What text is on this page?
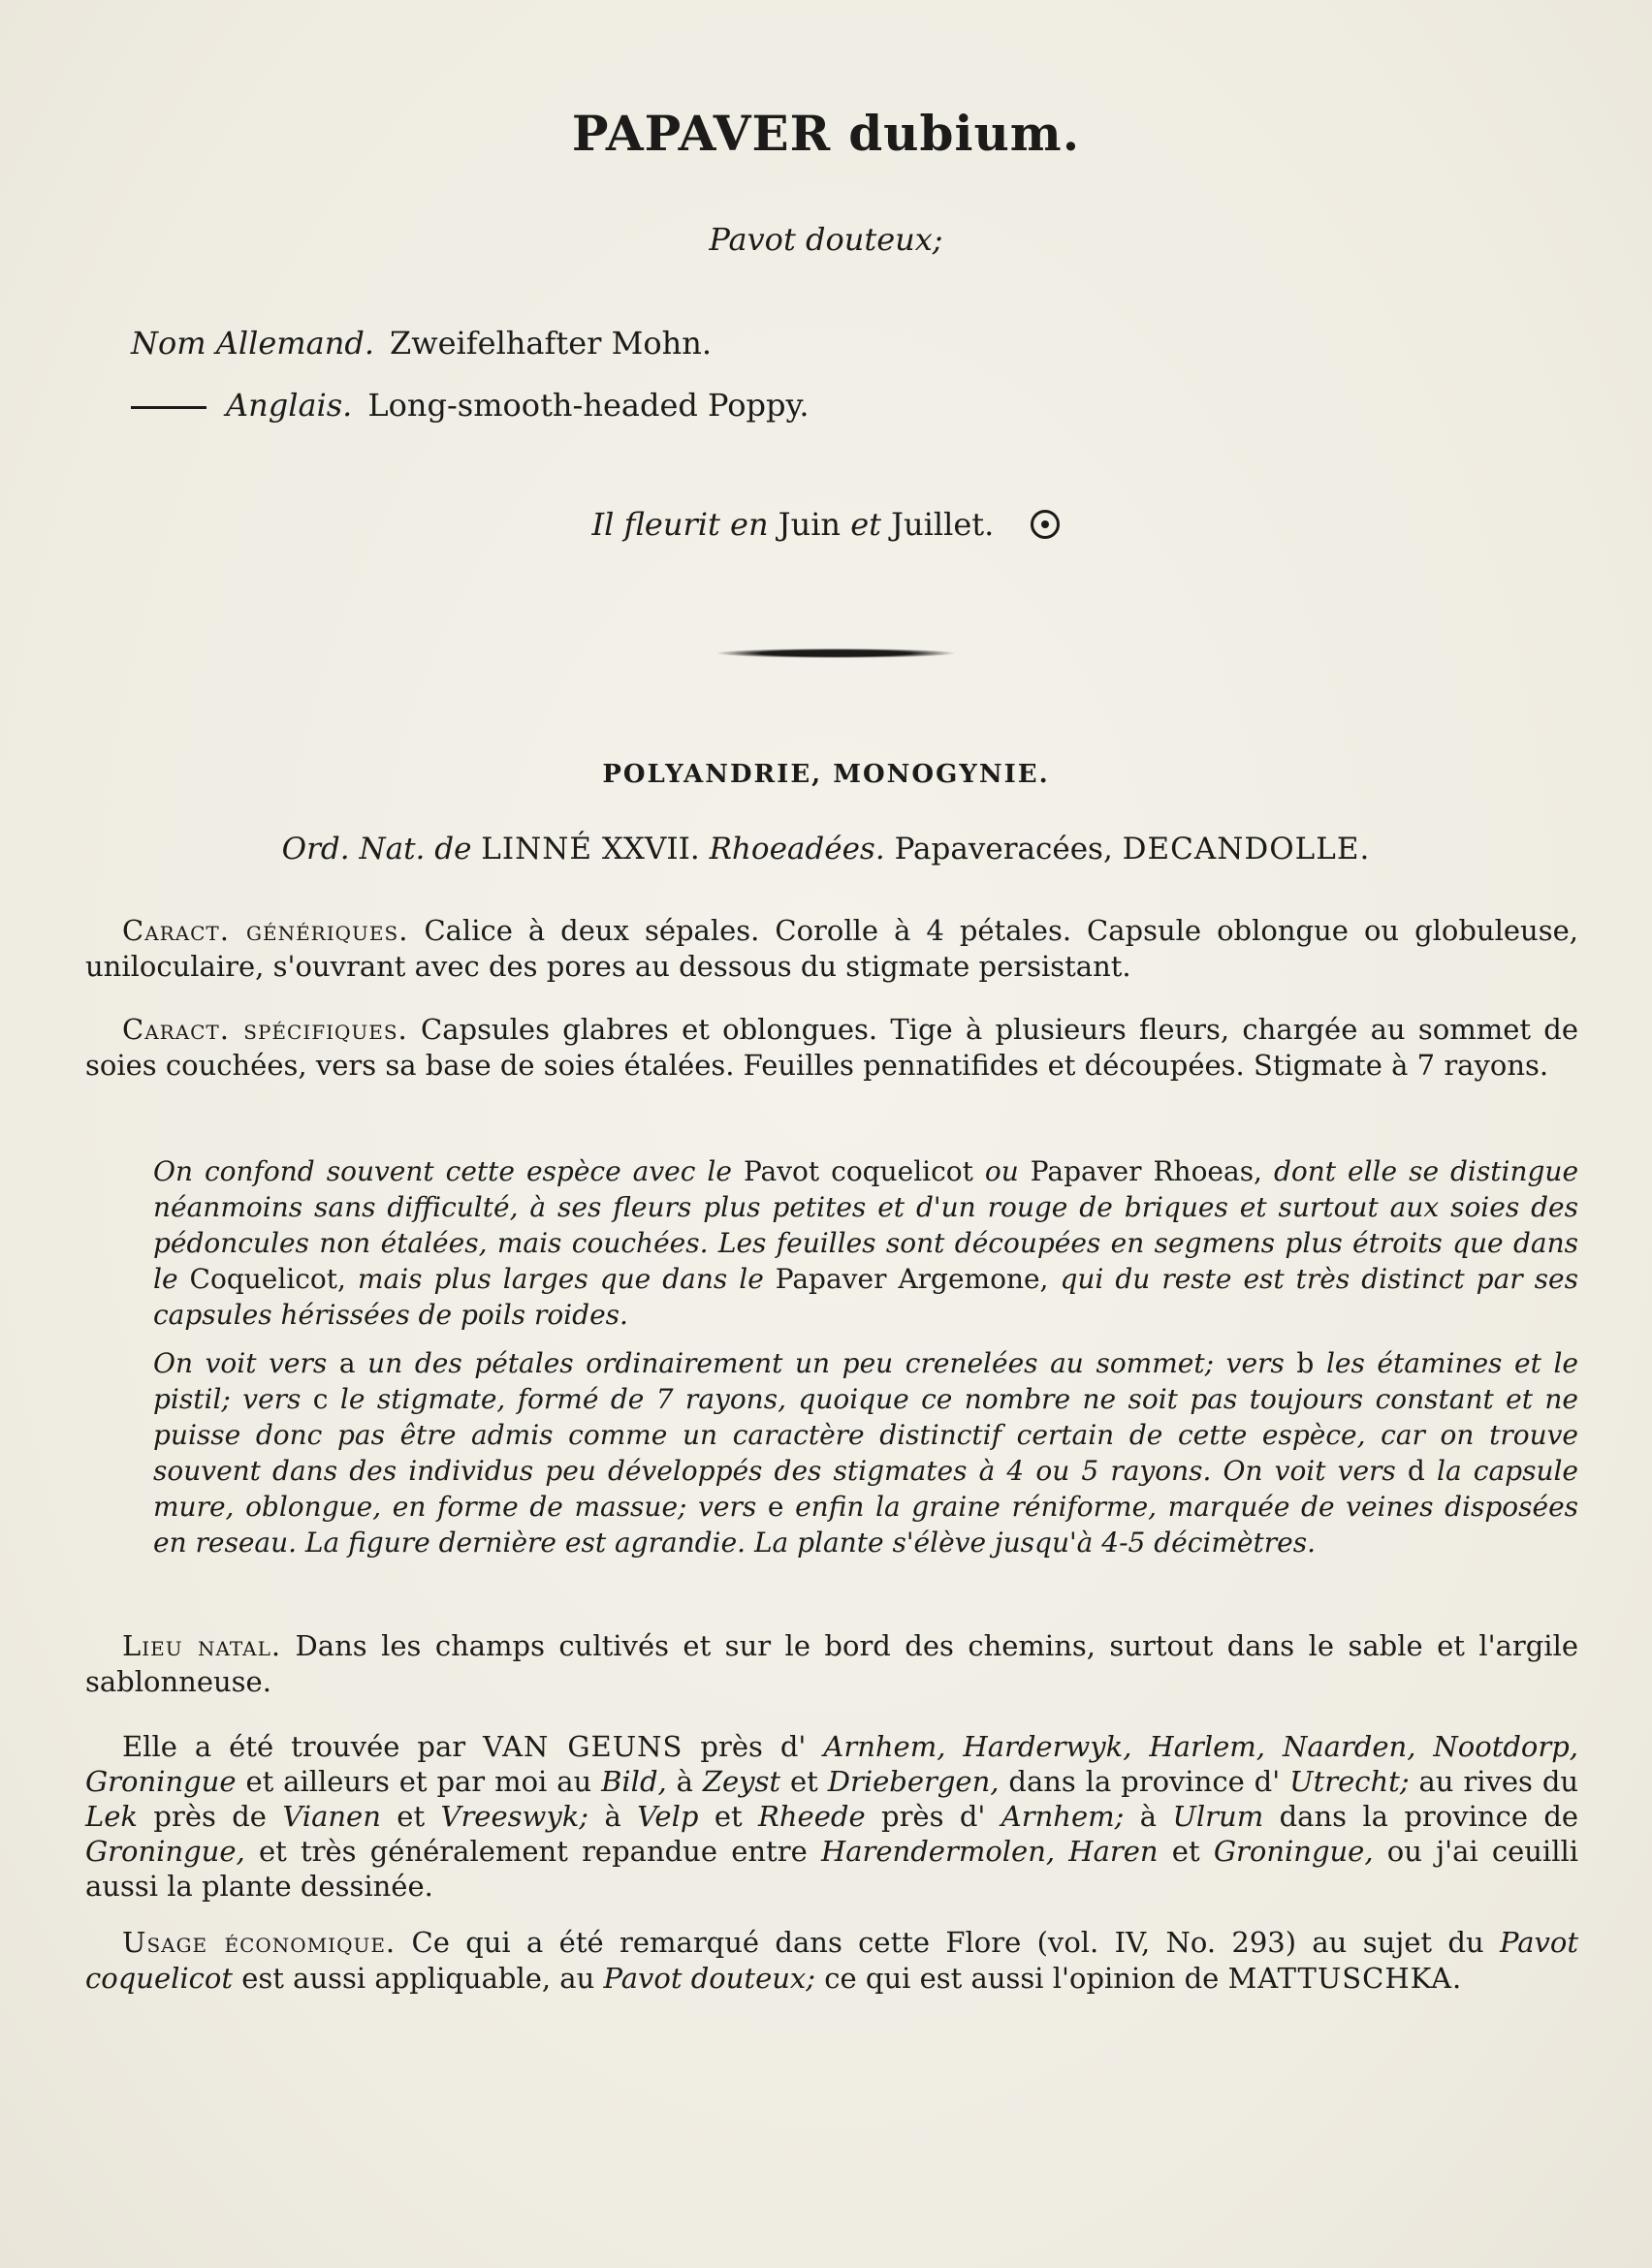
PAPAVER dubium.
Pavot douteux;
Nom Allemand. Zweifelhafter Mohn.
Anglais. Long-smooth-headed Poppy.
Il fleurit en Juin et Juillet.
POLYANDRIE, MONOGYNIE.
Ord. Nat. de LINNÉ XXVII. Rhoeadées. Papaveracées, DECANDOLLE.
Caract. génériques. Calice à deux sépales. Corolle à 4 pétales. Capsule oblongue ou globuleuse, uniloculaire, s'ouvrant avec des pores au dessous du stigmate persistant.
Caract. spécifiques. Capsules glabres et oblongues. Tige à plusieurs fleurs, chargée au sommet de soies couchées, vers sa base de soies étalées. Feuilles pennatifides et découpées. Stigmate à 7 rayons.
On confond souvent cette espèce avec le Pavot coquelicot ou Papaver Rhoeas, dont elle se distingue néanmoins sans difficulté, à ses fleurs plus petites et d'un rouge de briques et surtout aux soies des pédoncules non étalées, mais couchées. Les feuilles sont découpées en segmens plus étroits que dans le Coquelicot, mais plus larges que dans le Papaver Argemone, qui du reste est très distinct par ses capsules hérissées de poils roides.
On voit vers a un des pétales ordinairement un peu crenelées au sommet; vers b les étamines et le pistil; vers c le stigmate, formé de 7 rayons, quoique ce nombre ne soit pas toujours constant et ne puisse donc pas être admis comme un caractère distinctif certain de cette espèce, car on trouve souvent dans des individus peu développés des stigmates à 4 ou 5 rayons. On voit vers d la capsule mure, oblongue, en forme de massue; vers e enfin la graine réniforme, marquée de veines disposées en reseau. La figure dernière est agrandie. La plante s'élève jusqu'à 4-5 décimètres.
Lieu natal. Dans les champs cultivés et sur le bord des chemins, surtout dans le sable et l'argile sablonneuse.
Elle a été trouvée par VAN GEUNS près d' Arnhem, Harderwyk, Harlem, Naarden, Nootdorp, Groningue et ailleurs et par moi au Bild, à Zeyst et Driebergen, dans la province d' Utrecht; au rives du Lek près de Vianen et Vreeswyk; à Velp et Rheede près d' Arnhem; à Ulrum dans la province de Groningue, et très généralement repandue entre Harendermolen, Haren et Groningue, ou j'ai ceuilli aussi la plante dessinée.
Usage économique. Ce qui a été remarqué dans cette Flore (vol. IV, No. 293) au sujet du Pavot coquelicot est aussi appliquable, au Pavot douteux; ce qui est aussi l'opinion de MATTUSCHKA.
